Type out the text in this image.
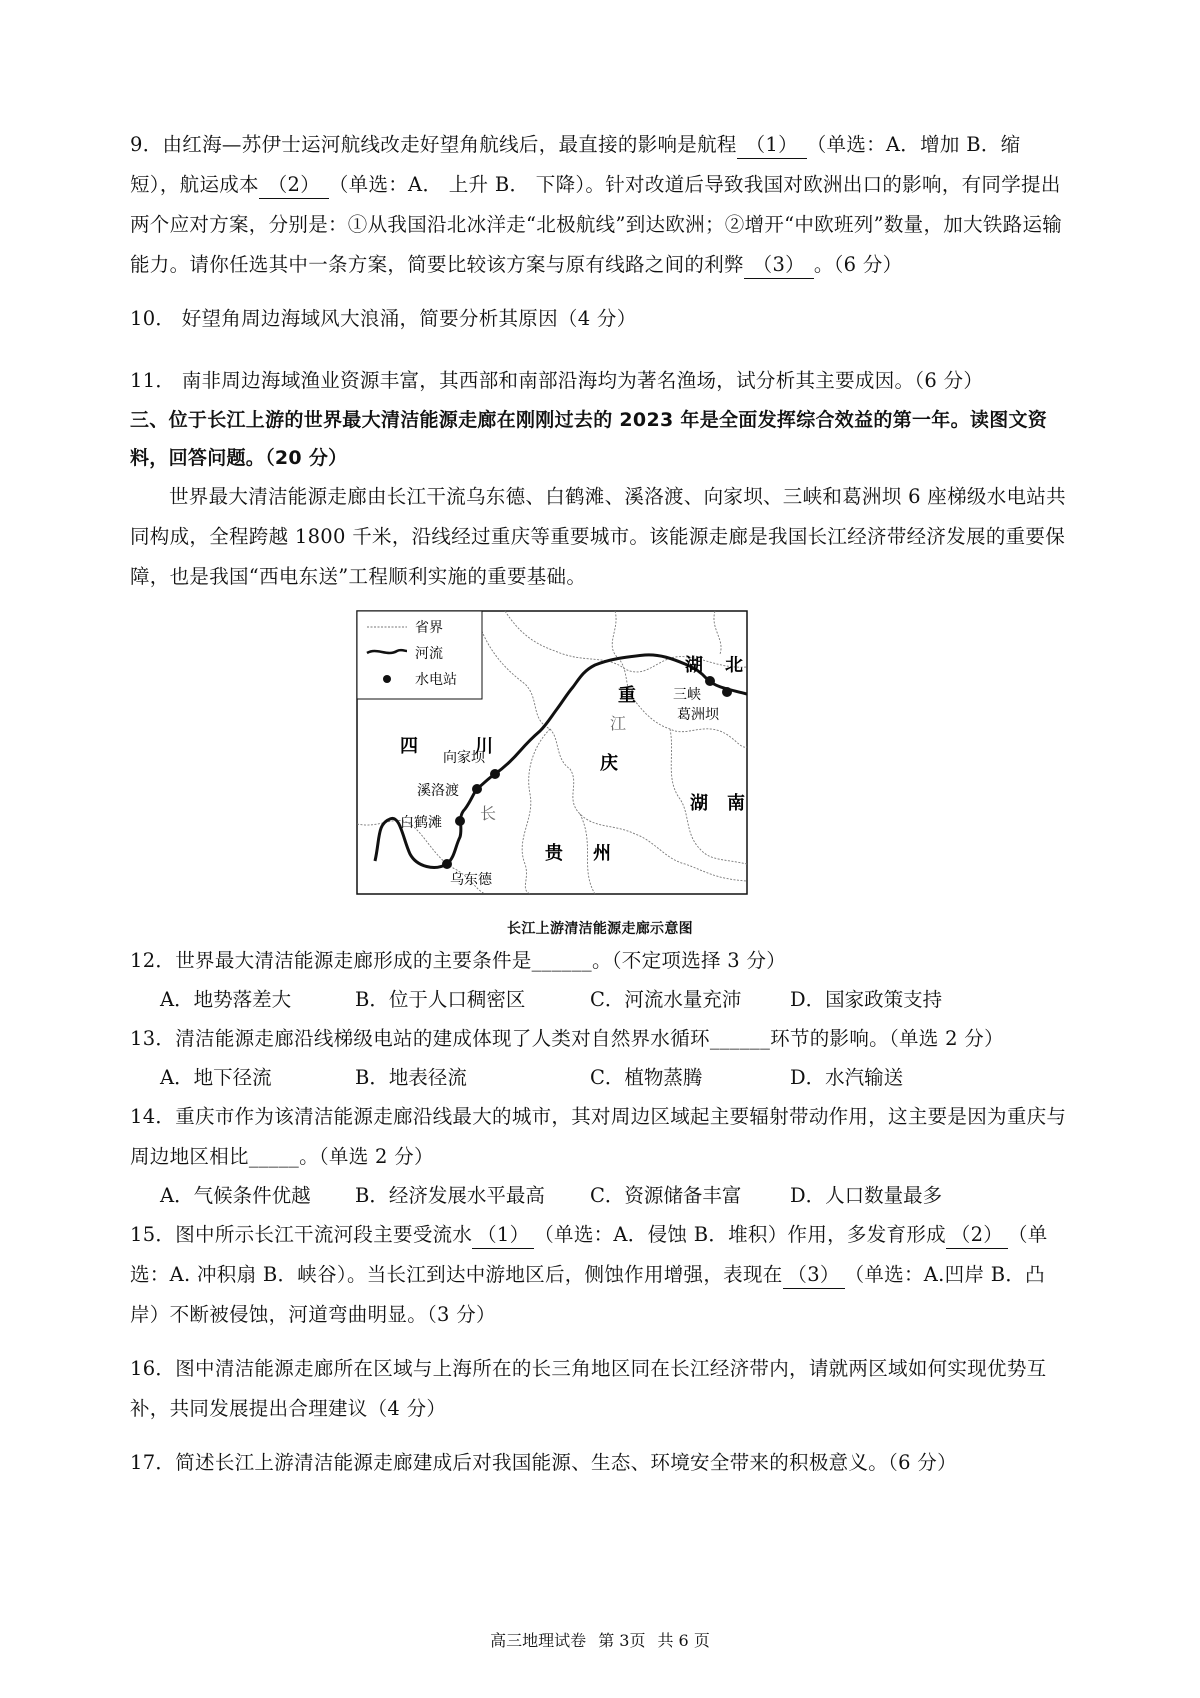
9．由红海—苏伊士运河航线改走好望角航线后，最直接的影响是航程 （1） （单选：A．增加 B．缩短），航运成本 （2） （单选：A． 上升 B． 下降）。针对改道后导致我国对欧洲出口的影响，有同学提出两个应对方案，分别是：①从我国沿北冰洋走“北极航线”到达欧洲；②增开“中欧班列”数量，加大铁路运输能力。请你任选其中一条方案，简要比较该方案与原有线路之间的利弊 （3） 。（6 分）

10． 好望角周边海域风大浪涌，简要分析其原因（4 分）

11． 南非周边海域渔业资源丰富，其西部和南部沿海均为著名渔场，试分析其主要成因。（6 分）

三、位于长江上游的世界最大清洁能源走廊在刚刚过去的 2023 年是全面发挥综合效益的第一年。读图文资料，回答问题。（20 分）

世界最大清洁能源走廊由长江干流乌东德、白鹤滩、溪洛渡、向家坝、三峡和葛洲坝 6 座梯级水电站共同构成，全程跨越 1800 千米，沿线经过重庆等重要城市。该能源走廊是我国长江经济带经济发展的重要保障，也是我国“西电东送”工程顺利实施的重要基础。

省界
河流
水电站
四	川
重
庆
湖 北
湖 南
贵 州
长
江
乌东德
白鹤滩
溪洛渡
向家坝
三峡
葛洲坝

长江上游清洁能源走廊示意图

12．世界最大清洁能源走廊形成的主要条件是______。（不定项选择 3 分）

A．地势落差大	B．位于人口稠密区	C．河流水量充沛	D．国家政策支持

13．清洁能源走廊沿线梯级电站的建成体现了人类对自然界水循环______环节的影响。（单选 2 分）

A．地下径流	B．地表径流	C．植物蒸腾	D．水汽输送

14．重庆市作为该清洁能源走廊沿线最大的城市，其对周边区域起主要辐射带动作用，这主要是因为重庆与周边地区相比_____。（单选 2 分）

A．气候条件优越	B．经济发展水平最高	C．资源储备丰富	D．人口数量最多

15．图中所示长江干流河段主要受流水 （1） （单选：A．侵蚀 B．堆积）作用，多发育形成 （2） （单选：A. 冲积扇 B．峡谷）。当长江到达中游地区后，侧蚀作用增强，表现在 （3） （单选：A.凹岸 B．凸岸）不断被侵蚀，河道弯曲明显。（3 分）

16．图中清洁能源走廊所在区域与上海所在的长三角地区同在长江经济带内，请就两区域如何实现优势互补，共同发展提出合理建议（4 分）

17．简述长江上游清洁能源走廊建成后对我国能源、生态、环境安全带来的积极意义。（6 分）

高三地理试卷 第 3页 共 6 页
